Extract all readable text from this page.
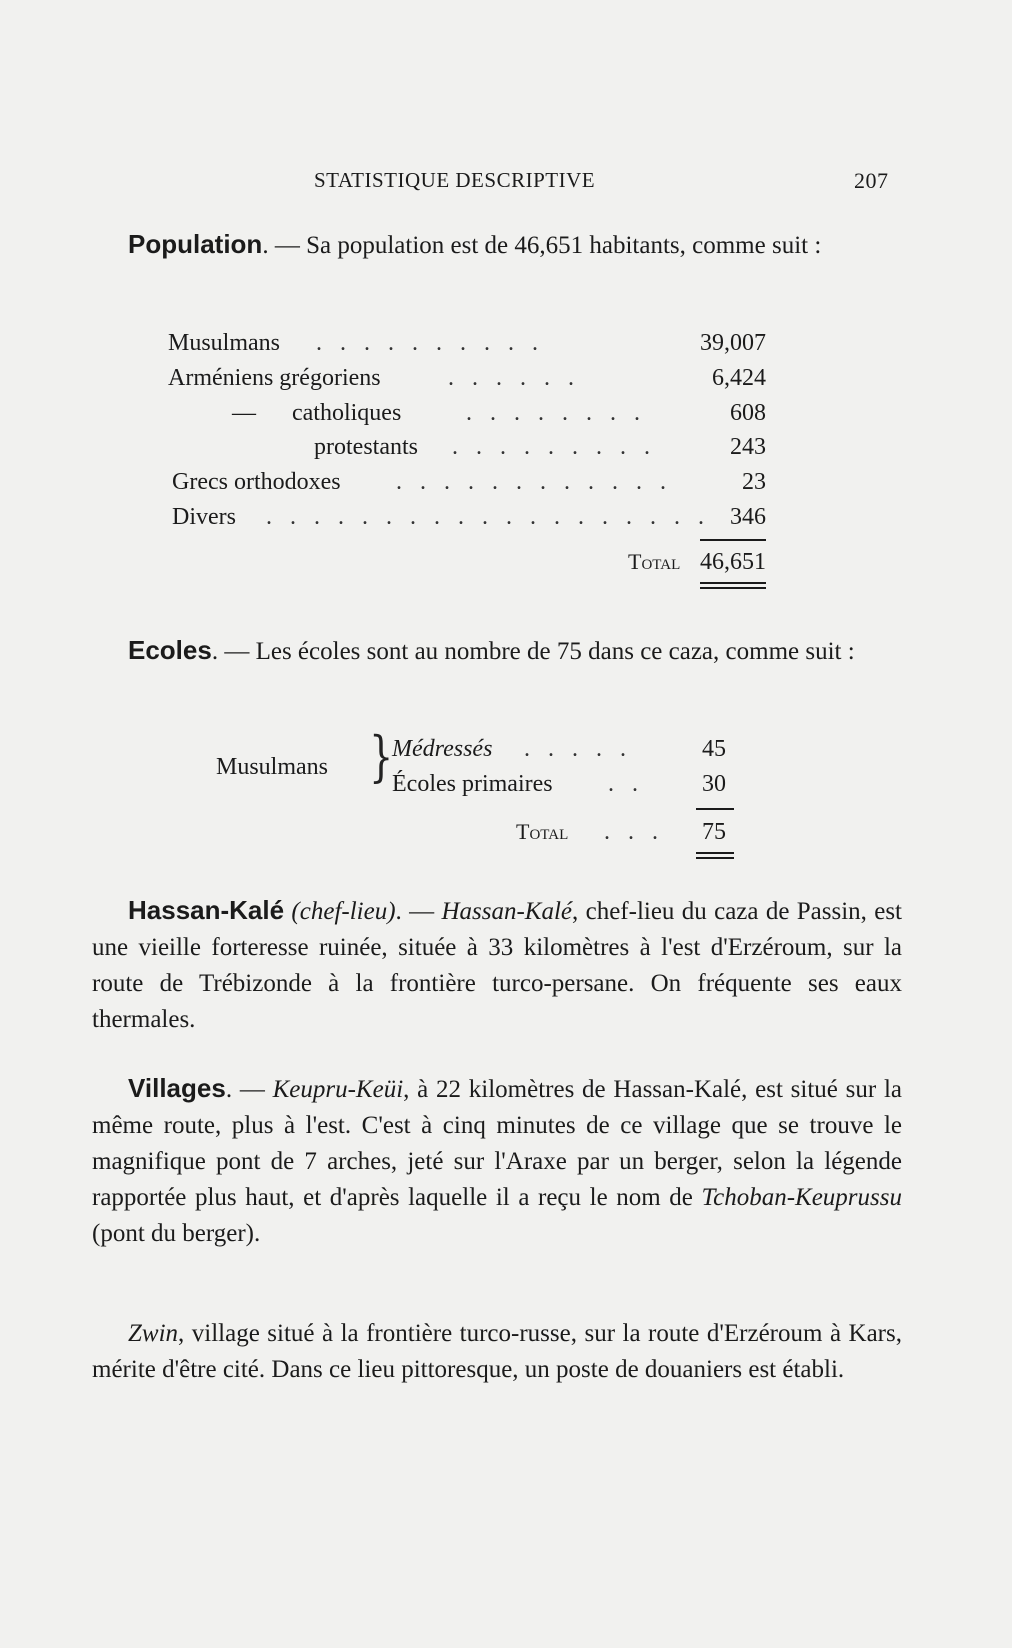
STATISTIQUE DESCRIPTIVE	207
Population. — Sa population est de 46,651 habitants, comme suit :
Musulmans . . . . . . . . . .	39,007
Arméniens grégoriens	. . . . . .	6,424
—      catholiques	. . . . . . . .	608
protestants . . . . . . . . .	243
Grecs orthodoxes . . . . . . . . . . . .	23
Divers . . . . . . . . . . . . . . . . . . . 346
Total 46,651
Ecoles. — Les écoles sont au nombre de 75 dans ce caza, comme suit :
Musulmans }
Médressés . . . . .	45
Écoles primaires . .	30
Total . . .	75
Hassan-Kalé (chef-lieu). — Hassan-Kalé, chef-lieu du caza de Passin, est une vieille forteresse ruinée, située à 33 kilomètres à l'est d'Erzéroum, sur la route de Trébizonde à la frontière turco-persane. On fréquente ses eaux thermales.
Villages. — Keupru-Keüi, à 22 kilomètres de Hassan-Kalé, est situé sur la même route, plus à l'est. C'est à cinq minutes de ce village que se trouve le magnifique pont de 7 arches, jeté sur l'Araxe par un berger, selon la légende rapportée plus haut, et d'après laquelle il a reçu le nom de Tchoban-Keuprussu (pont du berger).
Zwin, village situé à la frontière turco-russe, sur la route d'Erzéroum à Kars, mérite d'être cité. Dans ce lieu pittoresque, un poste de douaniers est établi.
